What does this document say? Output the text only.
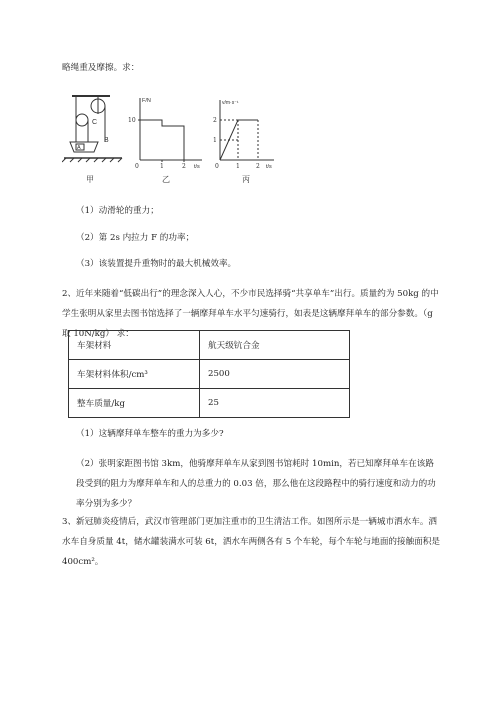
略绳重及摩擦。求：
C
B
A
甲
F/N
10
0	1	2 t/s
乙
v/m·s⁻¹
2
1
0	1	2 t/s
丙
（1）动滑轮的重力；
（2）第 2s 内拉力 F 的功率；
（3）该装置提升重物时的最大机械效率。
2、近年来随着“低碳出行”的理念深入人心，不少市民选择骑“共享单车”出行。质量约为 50kg 的中学生张明从家里去图书馆选择了一辆摩拜单车水平匀速骑行，如表是这辆摩拜单车的部分参数。（g 取 10N/kg） 求：
车架材料	航天级钪合金
车架材料体积/cm³	2500
整车质量/kg	25
（1）这辆摩拜单车整车的重力为多少?
（2）张明家距图书馆 3km，他骑摩拜单车从家到图书馆耗时 10min，若已知摩拜单车在该路段受到的阻力为摩拜单车和人的总重力的 0.03 倍，那么他在这段路程中的骑行速度和动力的功率分别为多少？
3、新冠肺炎疫情后，武汉市管理部门更加注重市的卫生清洁工作。如图所示是一辆城市洒水车。洒水车自身质量 4t，储水罐装满水可装 6t，洒水车两侧各有 5 个车轮，每个车轮与地面的接触面积是 400cm²。
